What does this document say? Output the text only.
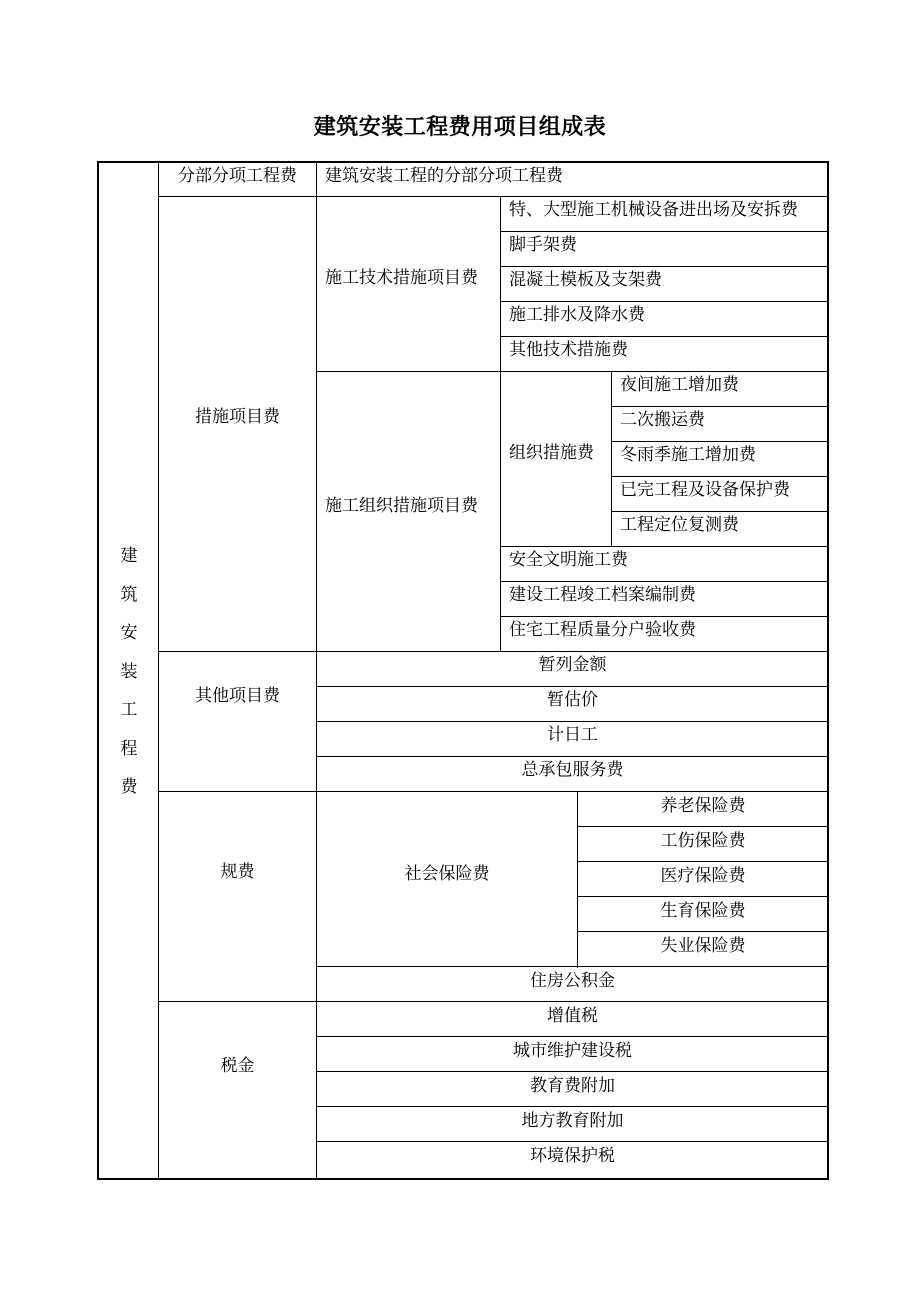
建筑安装工程费用项目组成表
建
筑
安
装
工
程
费
分部分项工程费	建筑安装工程的分部分项工程费
措施项目费
施工技术措施项目费
特、大型施工机械设备进出场及安拆费
脚手架费
混凝土模板及支架费
施工排水及降水费
其他技术措施费
施工组织措施项目费
组织措施费
夜间施工增加费
二次搬运费
冬雨季施工增加费
已完工程及设备保护费
工程定位复测费
安全文明施工费
建设工程竣工档案编制费
住宅工程质量分户验收费
其他项目费
暂列金额
暂估价
计日工
总承包服务费
规费	社会保险费
养老保险费
工伤保险费
医疗保险费
生育保险费
失业保险费
住房公积金
税金
增值税
城市维护建设税
教育费附加
地方教育附加
环境保护税
